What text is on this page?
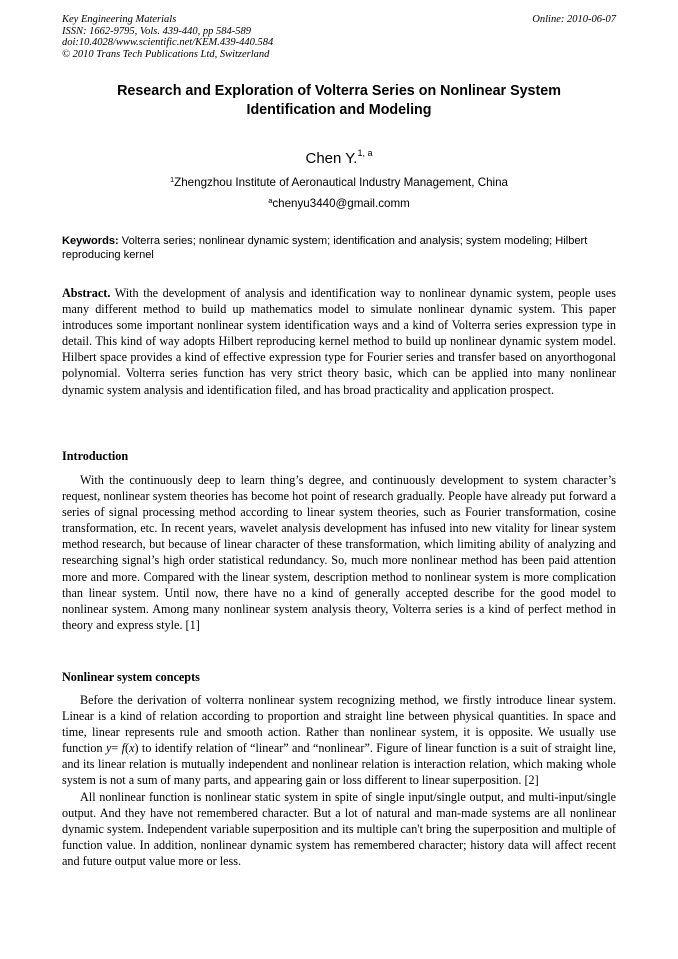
Key Engineering Materials
ISSN: 1662-9795, Vols. 439-440, pp 584-589
doi:10.4028/www.scientific.net/KEM.439-440.584
© 2010 Trans Tech Publications Ltd, Switzerland
Online: 2010-06-07
Research and Exploration of Volterra Series on Nonlinear System
Identification and Modeling
Chen Y.$^{1, a}$
$^1$Zhengzhou Institute of Aeronautical Industry Management, China
$^a$chenyu3440@gmail.comm
Keywords: Volterra series; nonlinear dynamic system; identification and analysis; system modeling; Hilbert reproducing kernel
Abstract. With the development of analysis and identification way to nonlinear dynamic system, people uses many different method to build up mathematics model to simulate nonlinear dynamic system. This paper introduces some important nonlinear system identification ways and a kind of Volterra series expression type in detail. This kind of way adopts Hilbert reproducing kernel method to build up nonlinear dynamic system model. Hilbert space provides a kind of effective expression type for Fourier series and transfer based on anyorthogonal polynomial. Volterra series function has very strict theory basic, which can be applied into many nonlinear dynamic system analysis and identification filed, and has broad practicality and application prospect.
Introduction

With the continuously deep to learn thing’s degree, and continuously development to system character’s request, nonlinear system theories has become hot point of research gradually. People have already put forward a series of signal processing method according to linear system theories, such as Fourier transformation, cosine transformation, etc. In recent years, wavelet analysis development has infused into new vitality for linear system method research, but because of linear character of these transformation, which limiting ability of analyzing and researching signal’s high order statistical redundancy. So, much more nonlinear method has been paid attention more and more. Compared with the linear system, description method to nonlinear system is more complication than linear system. Until now, there have no a kind of generally accepted describe for the good model to nonlinear system. Among many nonlinear system analysis theory, Volterra series is a kind of perfect method in theory and express style. [1]

Nonlinear system concepts

Before the derivation of volterra nonlinear system recognizing method, we firstly introduce linear system. Linear is a kind of relation according to proportion and straight line between physical quantities. In space and time, linear represents rule and smooth action. Rather than nonlinear system, it is opposite. We usually use function y= f(x) to identify relation of “linear” and “nonlinear”. Figure of linear function is a suit of straight line, and its linear relation is mutually independent and nonlinear relation is interaction relation, which making whole system is not a sum of many parts, and appearing gain or loss different to linear superposition. [2]

All nonlinear function is nonlinear static system in spite of single input/single output, and multi-input/single output. And they have not remembered character. But a lot of natural and man-made systems are all nonlinear dynamic system. Independent variable superposition and its multiple can't bring the superposition and multiple of function value. In addition, nonlinear dynamic system has remembered character; history data will affect recent and future output value more or less.
